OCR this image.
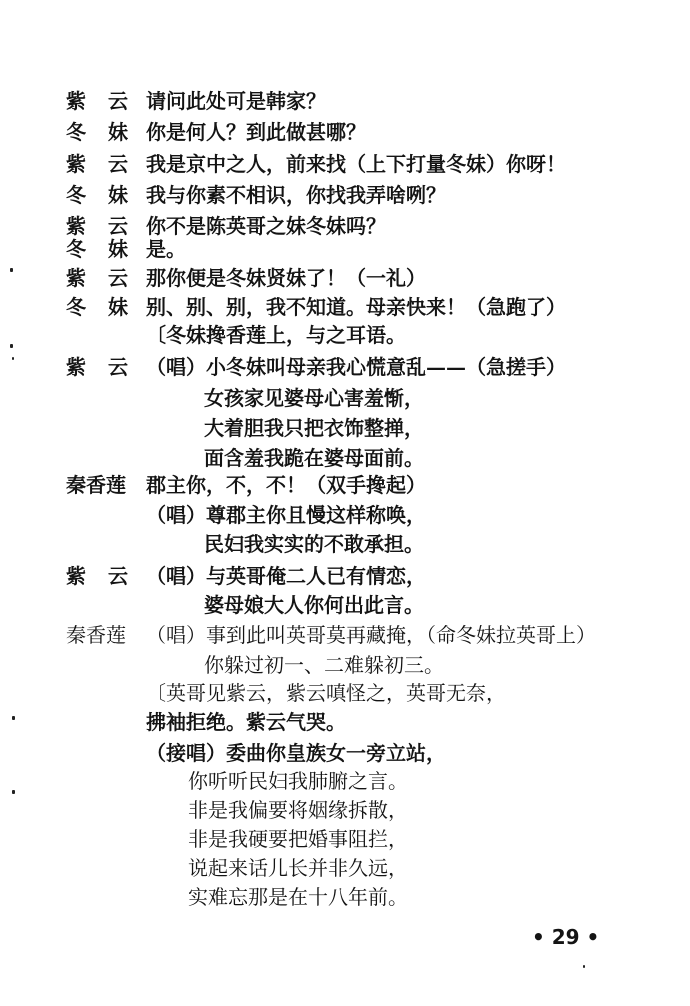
紫 云 请问此处可是韩家？
冬 妹 你是何人？到此做甚哪？
紫 云 我是京中之人，前来找（上下打量冬妹）你呀！
冬 妹 我与你素不相识，你找我弄啥咧？
紫 云 你不是陈英哥之妹冬妹吗？
冬 妹 是。
紫 云 那你便是冬妹贤妹了！（一礼）
冬 妹 别、别、别，我不知道。母亲快来！（急跑了）
〔冬妹搀香莲上，与之耳语。
紫 云 （唱）小冬妹叫母亲我心慌意乱——（急搓手）
女孩家见婆母心害羞惭，
大着胆我只把衣饰整掸，
面含羞我跪在婆母面前。
秦香莲 郡主你，不，不！（双手搀起）
（唱）尊郡主你且慢这样称唤，
民妇我实实的不敢承担。
紫 云 （唱）与英哥俺二人已有情恋，
婆母娘大人你何出此言。
秦香莲 （唱）事到此叫英哥莫再藏掩，（命冬妹拉英哥上）
你躲过初一、二难躲初三。
〔英哥见紫云，紫云嗔怪之，英哥无奈，
拂袖拒绝。紫云气哭。
（接唱）委曲你皇族女一旁立站，
你听听民妇我肺腑之言。
非是我偏要将姻缘拆散，
非是我硬要把婚事阻拦，
说起来话儿长并非久远，
实难忘那是在十八年前。
• 29 •
